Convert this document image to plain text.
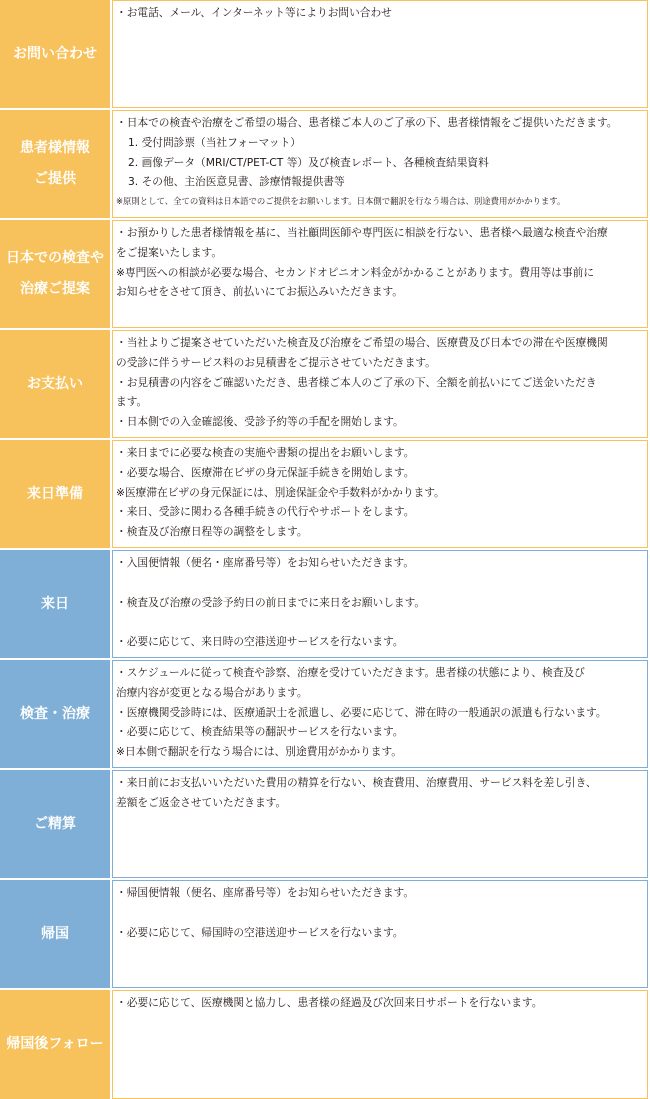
お問い合わせ
・お電話、メール、インターネット等によりお問い合わせ
患者様情報
ご提供
・日本での検査や治療をご希望の場合、患者様ご本人のご了承の下、患者様情報をご提供いただきます。
1. 受付問診票（当社フォーマット）
2. 画像データ（MRI/CT/PET-CT 等）及び検査レポート、各種検査結果資料
3. その他、主治医意見書、診療情報提供書等
※原則として、全ての資料は日本語でのご提供をお願いします。日本側で翻訳を行なう場合は、別途費用がかかります。
日本での検査や
治療ご提案
・お預かりした患者様情報を基に、当社顧問医師や専門医に相談を行ない、患者様へ最適な検査や治療
をご提案いたします。
※専門医への相談が必要な場合、セカンドオピニオン料金がかかることがあります。費用等は事前に
お知らせをさせて頂き、前払いにてお振込みいただきます。
お支払い
・当社よりご提案させていただいた検査及び治療をご希望の場合、医療費及び日本での滞在や医療機関
の受診に伴うサービス料のお見積書をご提示させていただきます。
・お見積書の内容をご確認いただき、患者様ご本人のご了承の下、全額を前払いにてご送金いただき
ます。
・日本側での入金確認後、受診予約等の手配を開始します。
来日準備
・来日までに必要な検査の実施や書類の提出をお願いします。
・必要な場合、医療滞在ビザの身元保証手続きを開始します。
※医療滞在ビザの身元保証には、別途保証金や手数料がかかります。
・来日、受診に関わる各種手続きの代行やサポートをします。
・検査及び治療日程等の調整をします。
来日
・入国便情報（便名・座席番号等）をお知らせいただきます。
・検査及び治療の受診予約日の前日までに来日をお願いします。
・必要に応じて、来日時の空港送迎サービスを行ないます。
検査・治療
・スケジュールに従って検査や診察、治療を受けていただきます。患者様の状態により、検査及び
治療内容が変更となる場合があります。
・医療機関受診時には、医療通訳士を派遣し、必要に応じて、滞在時の一般通訳の派遣も行ないます。
・必要に応じて、検査結果等の翻訳サービスを行ないます。
※日本側で翻訳を行なう場合には、別途費用がかかります。
ご精算
・来日前にお支払いいただいた費用の精算を行ない、検査費用、治療費用、サービス料を差し引き、
差額をご返金させていただきます。
帰国
・帰国便情報（便名、座席番号等）をお知らせいただきます。
・必要に応じて、帰国時の空港送迎サービスを行ないます。
帰国後フォロー
・必要に応じて、医療機関と協力し、患者様の経過及び次回来日サポートを行ないます。
